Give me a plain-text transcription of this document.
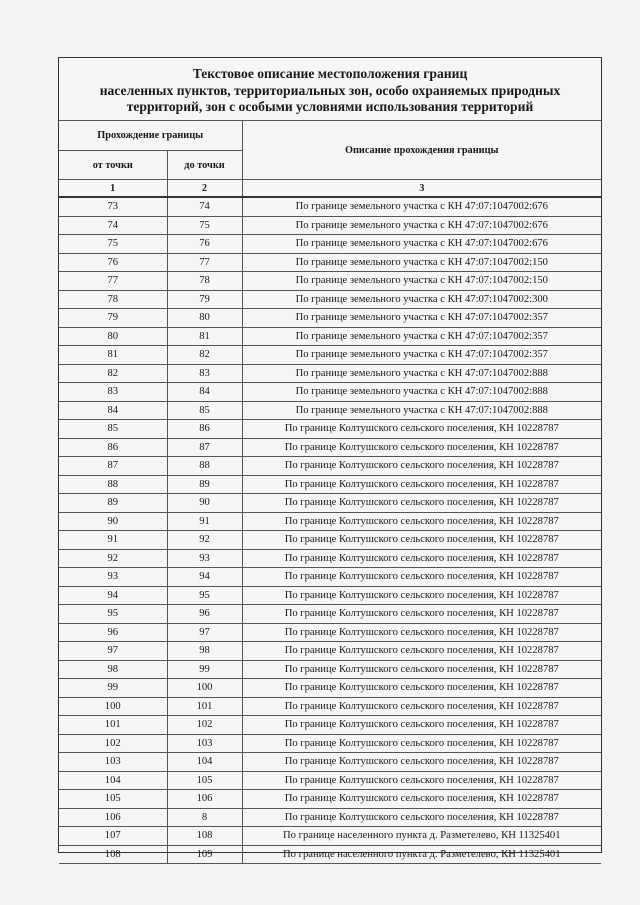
Текстовое описание местоположения границ
населенных пунктов, территориальных зон, особо охраняемых природных
территорий, зон с особыми условиями использования территорий
Прохождение границы		Описание прохождения границы
от точки	до точки	
1	2	3
73	74	По границе земельного участка с КН 47:07:1047002:676
74	75	По границе земельного участка с КН 47:07:1047002:676
75	76	По границе земельного участка с КН 47:07:1047002:676
76	77	По границе земельного участка с КН 47:07:1047002:150
77	78	По границе земельного участка с КН 47:07:1047002:150
78	79	По границе земельного участка с КН 47:07:1047002:300
79	80	По границе земельного участка с КН 47:07:1047002:357
80	81	По границе земельного участка с КН 47:07:1047002:357
81	82	По границе земельного участка с КН 47:07:1047002:357
82	83	По границе земельного участка с КН 47:07:1047002:888
83	84	По границе земельного участка с КН 47:07:1047002:888
84	85	По границе земельного участка с КН 47:07:1047002:888
85	86	По границе Колтушского сельского поселения, КН 10228787
86	87	По границе Колтушского сельского поселения, КН 10228787
87	88	По границе Колтушского сельского поселения, КН 10228787
88	89	По границе Колтушского сельского поселения, КН 10228787
89	90	По границе Колтушского сельского поселения, КН 10228787
90	91	По границе Колтушского сельского поселения, КН 10228787
91	92	По границе Колтушского сельского поселения, КН 10228787
92	93	По границе Колтушского сельского поселения, КН 10228787
93	94	По границе Колтушского сельского поселения, КН 10228787
94	95	По границе Колтушского сельского поселения, КН 10228787
95	96	По границе Колтушского сельского поселения, КН 10228787
96	97	По границе Колтушского сельского поселения, КН 10228787
97	98	По границе Колтушского сельского поселения, КН 10228787
98	99	По границе Колтушского сельского поселения, КН 10228787
99	100	По границе Колтушского сельского поселения, КН 10228787
100	101	По границе Колтушского сельского поселения, КН 10228787
101	102	По границе Колтушского сельского поселения, КН 10228787
102	103	По границе Колтушского сельского поселения, КН 10228787
103	104	По границе Колтушского сельского поселения, КН 10228787
104	105	По границе Колтушского сельского поселения, КН 10228787
105	106	По границе Колтушского сельского поселения, КН 10228787
106	8	По границе Колтушского сельского поселения, КН 10228787
107	108	По границе населенного пункта д. Разметелево, КН 11325401
108	109	По границе населенного пункта д. Разметелево, КН 11325401
